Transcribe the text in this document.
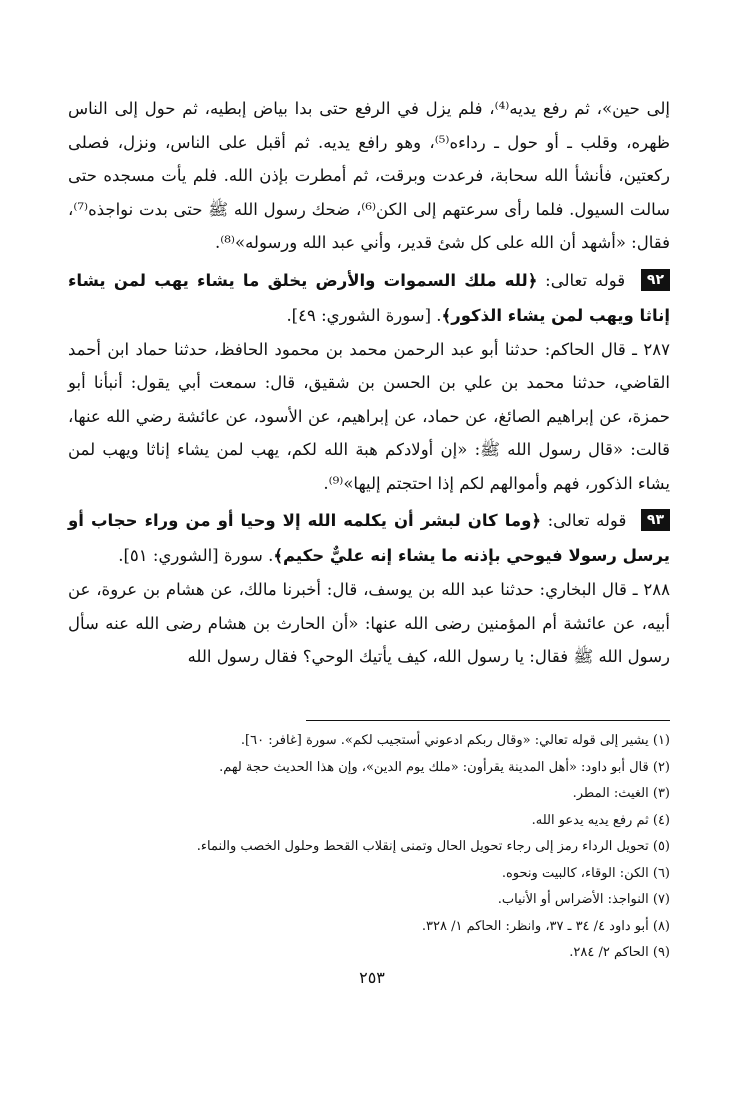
إلى حين»، ثم رفع يديه⁽⁴⁾، فلم يزل في الرفع حتى بدا بياض إبطيه، ثم حول إلى الناس ظهره، وقلب ـ أو حول ـ رداءه⁽⁵⁾، وهو رافع يديه. ثم أقبل على الناس، ونزل، فصلى ركعتين، فأنشأ الله سحابة، فرعدت وبرقت، ثم أمطرت بإذن الله. فلم يأت مسجده حتى سالت السيول. فلما رأى سرعتهم إلى الكن⁽⁶⁾، ضحك رسول الله ﷺ حتى بدت نواجذه⁽⁷⁾، فقال: «أشهد أن الله على كل شئ قدير، وأني عبد الله ورسوله»⁽⁸⁾.

٩٢ قوله تعالى: ﴿لله ملك السموات والأرض يخلق ما يشاء يهب لمن يشاء إناثا ويهب لمن يشاء الذكور﴾. [سورة الشوري: ٤٩].

٢٨٧ ـ قال الحاكم: حدثنا أبو عبد الرحمن محمد بن محمود الحافظ، حدثنا حماد ابن أحمد القاضي، حدثنا محمد بن علي بن الحسن بن شقيق، قال: سمعت أبي يقول: أنبأنا أبو حمزة، عن إبراهيم الصائغ، عن حماد، عن إبراهيم، عن الأسود، عن عائشة رضي الله عنها، قالت: «قال رسول الله ﷺ: «إن أولادكم هبة الله لكم، يهب لمن يشاء إناثا ويهب لمن يشاء الذكور، فهم وأموالهم لكم إذا احتجتم إليها»⁽⁹⁾.

٩٣ قوله تعالى: ﴿وما كان لبشر أن يكلمه الله إلا وحيا أو من وراء حجاب أو يرسل رسولا فيوحي بإذنه ما يشاء إنه عليٌّ حكيم﴾. سورة [الشوري: ٥١].

٢٨٨ ـ قال البخاري: حدثنا عبد الله بن يوسف، قال: أخبرنا مالك، عن هشام بن عروة، عن أبيه، عن عائشة أم المؤمنين رضى الله عنها: «أن الحارث بن هشام رضى الله عنه سأل رسول الله ﷺ فقال: يا رسول الله، كيف يأتيك الوحي؟ فقال رسول الله

(١) يشير إلى قوله تعالي: «وقال ربكم ادعوني أستجيب لكم». سورة [غافر: ٦٠].
(٢) قال أبو داود: «أهل المدينة يقرأون: «ملك يوم الدين»، وإن هذا الحديث حجة لهم.
(٣) الغيث: المطر.
(٤) ثم رفع يديه يدعو الله.
(٥) تحويل الرداء رمز إلى رجاء تحويل الحال وتمنى إنقلاب القحط وحلول الخصب والنماء.
(٦) الكن: الوقاء، كالبيت ونحوه.
(٧) النواجذ: الأضراس أو الأنياب.
(٨) أبو داود ٤/ ٣٤ ـ ٣٧، وانظر: الحاكم ١/ ٣٢٨.
(٩) الحاكم ٢/ ٢٨٤.
٢٥٣
